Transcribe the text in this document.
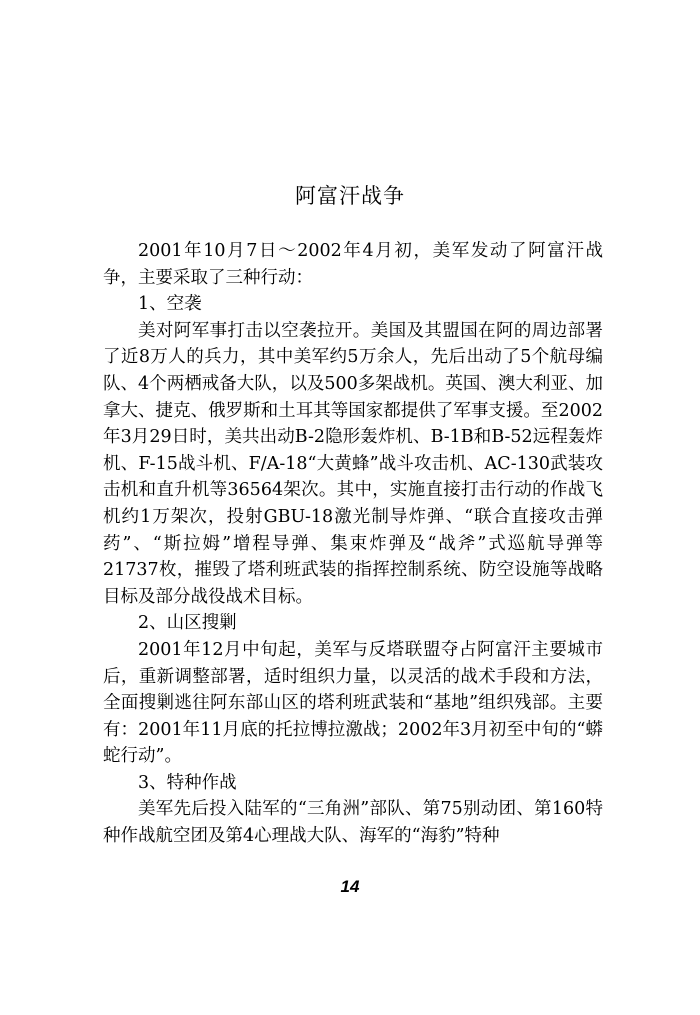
阿富汗战争

2001年10月7日～2002年4月初，美军发动了阿富汗战争，主要采取了三种行动：

1、空袭

美对阿军事打击以空袭拉开。美国及其盟国在阿的周边部署了近8万人的兵力，其中美军约5万余人，先后出动了5个航母编队、4个两栖戒备大队，以及500多架战机。英国、澳大利亚、加拿大、捷克、俄罗斯和土耳其等国家都提供了军事支援。至2002年3月29日时，美共出动B-2隐形轰炸机、B-1B和B-52远程轰炸机、F-15战斗机、F/A-18“大黄蜂”战斗攻击机、AC-130武装攻击机和直升机等36564架次。其中，实施直接打击行动的作战飞机约1万架次，投射GBU-18激光制导炸弹、“联合直接攻击弹药”、“斯拉姆”增程导弹、集束炸弹及“战斧”式巡航导弹等21737枚，摧毁了塔利班武装的指挥控制系统、防空设施等战略目标及部分战役战术目标。

2、山区搜剿

2001年12月中旬起，美军与反塔联盟夺占阿富汗主要城市后，重新调整部署，适时组织力量，以灵活的战术手段和方法，全面搜剿逃往阿东部山区的塔利班武装和“基地”组织残部。主要有：2001年11月底的托拉博拉激战；2002年3月初至中旬的“蟒蛇行动”。

3、特种作战

美军先后投入陆军的“三角洲”部队、第75别动团、第160特种作战航空团及第4心理战大队、海军的“海豹”特种

14
